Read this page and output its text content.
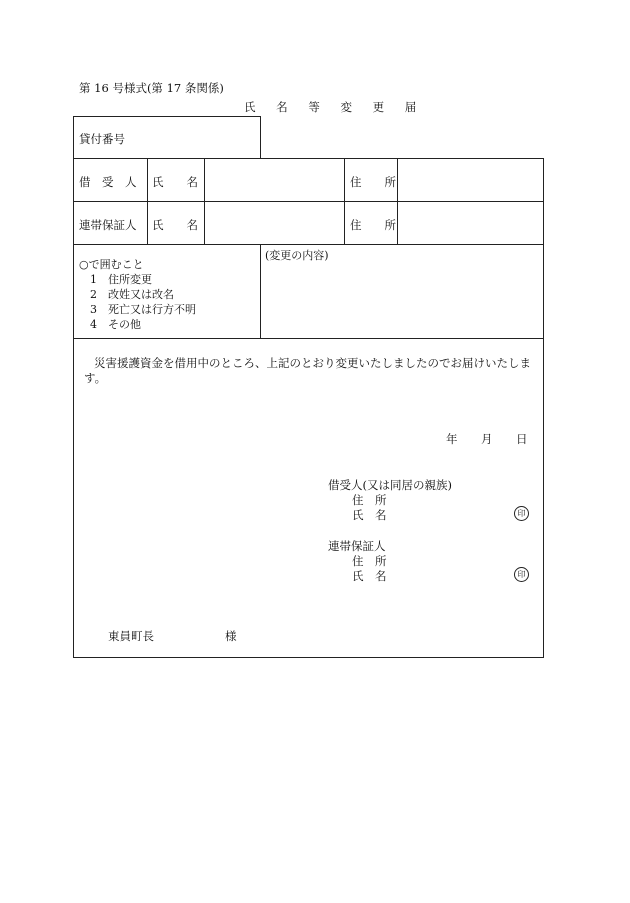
第 16 号様式(第 17 条関係)
氏 名 等 変 更 届
貸付番号
借　受　人 氏　　名	住　　所
連帯保証人 氏　　名	住　　所
○で囲むこと
1　住所変更
2　改姓又は改名
3　死亡又は行方不明
4　その他
(変更の内容)
災害援護資金を借用中のところ、上記のとおり変更いたしましたのでお届けいたします。
年 月 日
借受人(又は同居の親族)
住　所
氏　名	印
連帯保証人
住　所
氏　名	印
東員町長	様
